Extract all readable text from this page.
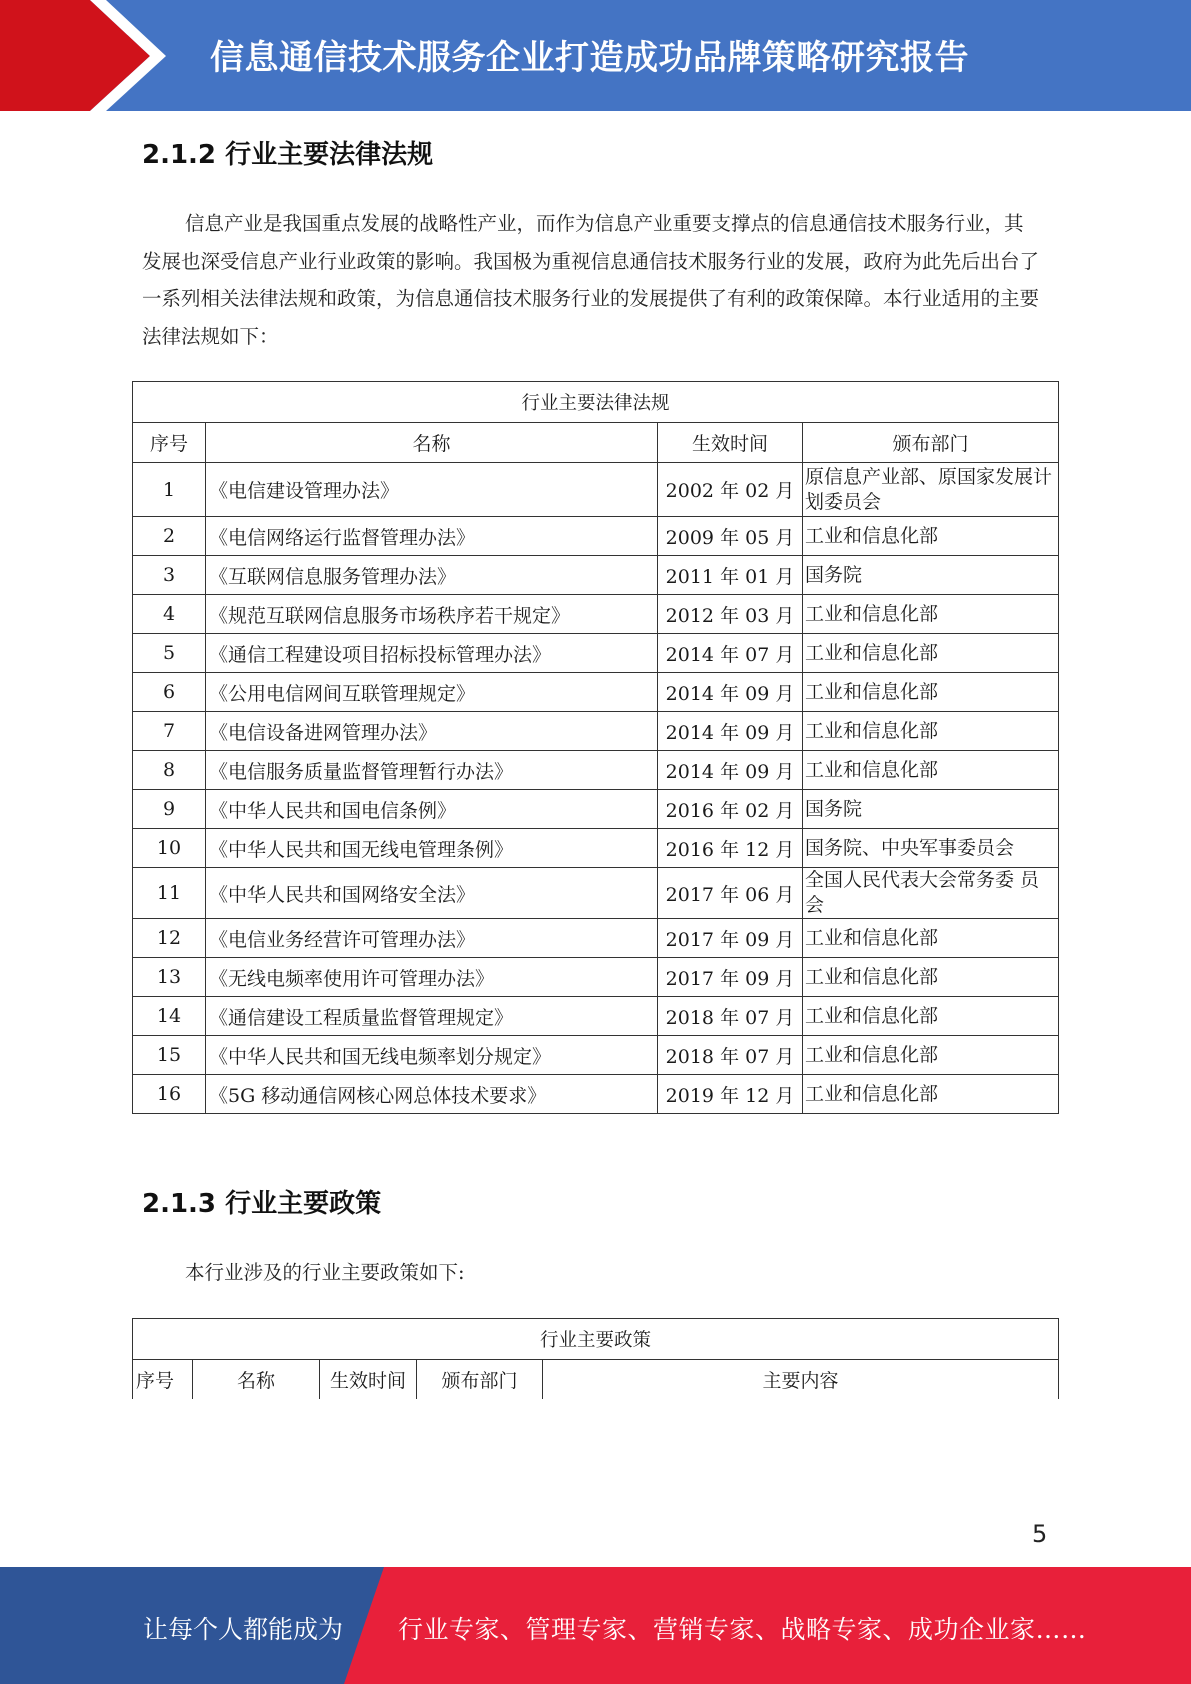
信息通信技术服务企业打造成功品牌策略研究报告
2.1.2 行业主要法律法规
信息产业是我国重点发展的战略性产业，而作为信息产业重要支撑点的信息通信技术服务行业，其发展也深受信息产业行业政策的影响。我国极为重视信息通信技术服务行业的发展，政府为此先后出台了一系列相关法律法规和政策，为信息通信技术服务行业的发展提供了有利的政策保障。本行业适用的主要法律法规如下：
行业主要法律法规			
序号	名称	生效时间	颁布部门
1	《电信建设管理办法》	2002 年 02 月	原信息产业部、原国家发展计划委员会
2	《电信网络运行监督管理办法》	2009 年 05 月	工业和信息化部
3	《互联网信息服务管理办法》	2011 年 01 月	国务院
4	《规范互联网信息服务市场秩序若干规定》	2012 年 03 月	工业和信息化部
5	《通信工程建设项目招标投标管理办法》	2014 年 07 月	工业和信息化部
6	《公用电信网间互联管理规定》	2014 年 09 月	工业和信息化部
7	《电信设备进网管理办法》	2014 年 09 月	工业和信息化部
8	《电信服务质量监督管理暂行办法》	2014 年 09 月	工业和信息化部
9	《中华人民共和国电信条例》	2016 年 02 月	国务院
10	《中华人民共和国无线电管理条例》	2016 年 12 月	国务院、中央军事委员会
11	《中华人民共和国网络安全法》	2017 年 06 月	全国人民代表大会常务委 员会
12	《电信业务经营许可管理办法》	2017 年 09 月	工业和信息化部
13	《无线电频率使用许可管理办法》	2017 年 09 月	工业和信息化部
14	《通信建设工程质量监督管理规定》	2018 年 07 月	工业和信息化部
15	《中华人民共和国无线电频率划分规定》	2018 年 07 月	工业和信息化部
16	《5G 移动通信网核心网总体技术要求》	2019 年 12 月	工业和信息化部
2.1.3 行业主要政策
本行业涉及的行业主要政策如下:
行业主要政策
序号	名称	生效时间	颁布部门	主要内容
5
让每个人都能成为 行业专家、管理专家、营销专家、战略专家、成功企业家……
